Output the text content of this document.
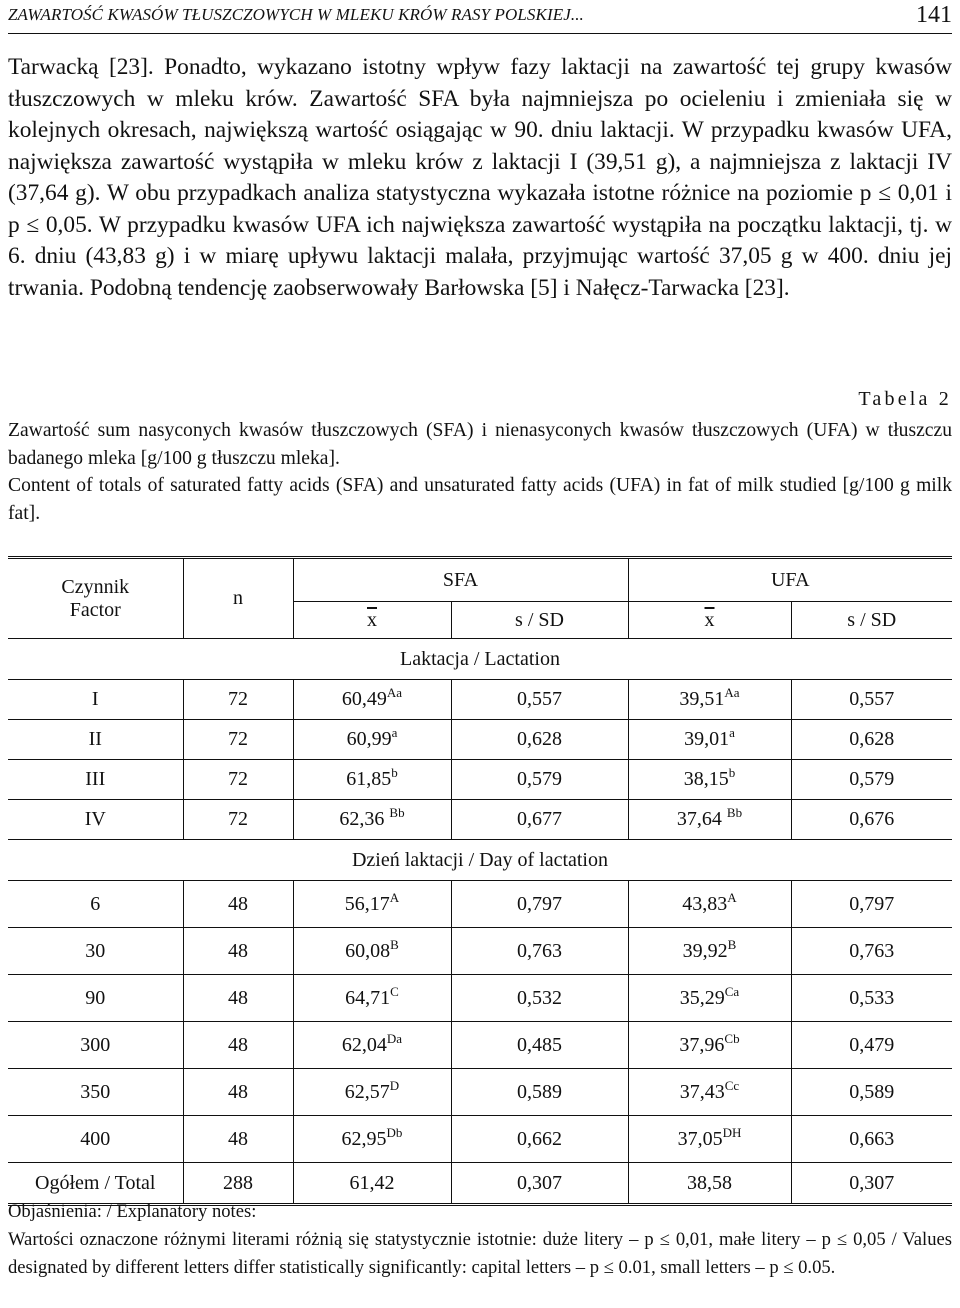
ZAWARTOŚĆ KWASÓW TŁUSZCZOWYCH W MLEKU KRÓW RASY POLSKIEJ...	141

Tarwacką [23]. Ponadto, wykazano istotny wpływ fazy laktacji na zawartość tej grupy kwasów tłuszczowych w mleku krów. Zawartość SFA była najmniejsza po ocieleniu i zmieniała się w kolejnych okresach, największą wartość osiągając w 90. dniu laktacji. W przypadku kwasów UFA, największa zawartość wystąpiła w mleku krów z laktacji I (39,51 g), a najmniejsza z laktacji IV (37,64 g). W obu przypadkach analiza statystyczna wykazała istotne różnice na poziomie p ≤ 0,01 i p ≤ 0,05. W przypadku kwasów UFA ich największa zawartość wystąpiła na początku laktacji, tj. w 6. dniu (43,83 g) i w miarę upływu laktacji malała, przyjmując wartość 37,05 g w 400. dniu jej trwania. Podobną tendencję zaobserwowały Barłowska [5] i Nałęcz-Tarwacka [23].

Tabela 2

Zawartość sum nasyconych kwasów tłuszczowych (SFA) i nienasyconych kwasów tłuszczowych (UFA) w tłuszczu badanego mleka [g/100 g tłuszczu mleka].

Content of totals of saturated fatty acids (SFA) and unsaturated fatty acids (UFA) in fat of milk studied [g/100 g milk fat].

Czynnik
Factor	n	SFA		UFA	
		$\overline{x}$	s / SD	$\overline{x}$	s / SD
Laktacja / Lactation					
I	72	$60,49^{Aa}$	0,557	$39,51^{Aa}$	0,557
II	72	60,99$^a$	0,628	39,01$^a$	0,628
III	72	61,85$^b$	0,579	38,15$^b$	0,579
IV	72	62,36 $^{Bb}$	0,677	37,64 $^{Bb}$	0,676
Dzień laktacji / Day of lactation					
6	48	$56,17^A$	0,797	$43,83^A$	0,797
30	48	$60,08^B$	0,763	$39,92^B$	0,763
90	48	$64,71^C$	0,532	$35,29^{Ca}$	0,533
300	48	$62,04^{Da}$	0,485	$37,96^{Cb}$	0,479
350	48	$62,57^D$	0,589	$37,43^{Cc}$	0,589
400	48	$62,95^{Db}$	0,662	$37,05^{DH}$	0,663
Ogółem / Total	288	61,42	0,307	38,58	0,307
Objaśnienia: / Explanatory notes:
Wartości oznaczone różnymi literami różnią się statystycznie istotnie: duże litery – p ≤ 0,01, małe litery – p ≤ 0,05 / Values designated by different letters differ statistically significantly: capital letters – p ≤ 0.01, small letters – p ≤ 0.05.
